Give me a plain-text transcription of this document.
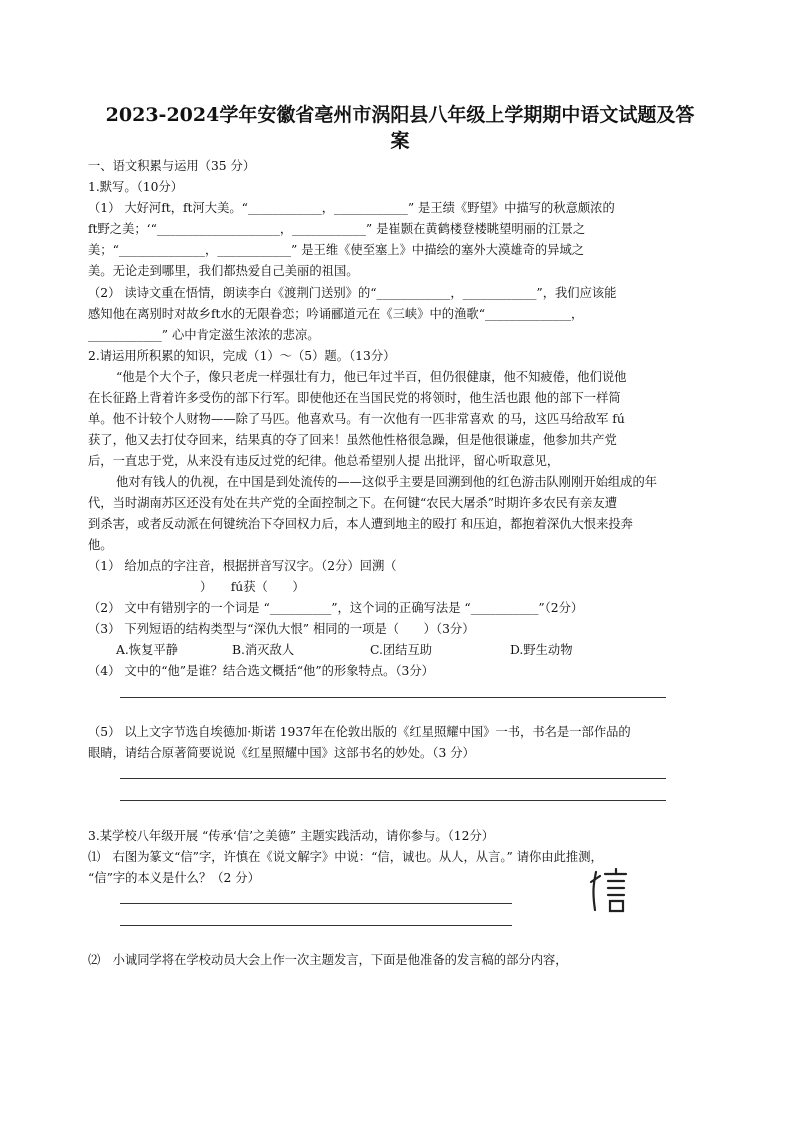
2023-2024学年安徽省亳州市涡阳县八年级上学期期中语文试题及答
案
一、语文积累与运用（35 分）
1.默写。（10分）
（1） 大好河ft，ft河大美。“____________，____________” 是王绩《野望》中描写的秋意颇浓的
ft野之美；‘“____________________，____________” 是崔颢在黄鹤楼登楼眺望明丽的江景之
美；“______________，____________” 是王维《使至塞上》中描绘的塞外大漠雄奇的异域之
美。无论走到哪里，我们都热爱自己美丽的祖国。
（2） 读诗文重在悟情，朗读李白《渡荆门送别》的“____________，____________”，我们应该能
感知他在离别时对故乡ft水的无限眷恋；吟诵郦道元在《三峡》中的渔歌“______________，
____________” 心中肯定滋生浓浓的悲凉。
2.请运用所积累的知识，完成（1）～（5）题。（13分）
“他是个大个子，像只老虎一样强壮有力，他已年过半百，但仍很健康，他不知疲倦，他们说他
在长征路上背着许多受伤的部下行军。即使他还在当国民党的将领时，他生活也跟 他的部下一样简
单。他不计较个人财物——除了马匹。他喜欢马。有一次他有一匹非常喜欢 的马，这匹马给敌军 fú
获了，他又去打仗夺回来，结果真的夺了回来！虽然他性格很急躁，但是他很谦虚，他参加共产党
后，一直忠于党，从来没有违反过党的纪律。他总希望别人提 出批评，留心听取意见，
他对有钱人的仇视，在中国是到处流传的——这似乎主要是回溯到他的红色游击队刚刚开始组成的年
代，当时湖南苏区还没有处在共产党的全面控制之下。在何键“农民大屠杀”时期许多农民有亲友遭
到杀害，或者反动派在何键统治下夺回权力后，本人遭到地主的殴打 和压迫，都抱着深仇大恨来投奔
他。
（1） 给加点的字注音，根据拼音写汉字。（2分）回溯（
）　　fú获（　　）
（2） 文中有错别字的一个词是 “__________”，这个词的正确写法是 “___________”（2分）
（3） 下列短语的结构类型与“深仇大恨” 相同的一项是（　　）（3分）
A.恢复平静	B.消灭敌人	C.团结互助	D.野生动物
（4） 文中的“他”是谁？结合选文概括“他”的形象特点。（3分）
（5） 以上文字节选自埃德加·斯诺 1937年在伦敦出版的《红星照耀中国》一书，书名是一部作品的
眼睛，请结合原著简要说说《红星照耀中国》这部书名的妙处。（3 分）
3.某学校八年级开展 “传承‘信’之美德” 主题实践活动，请你参与。（12分）
⑴　右图为篆文“信”字，许慎在《说文解字》中说：“信，诚也。从人，从言。” 请你由此推测，
“信”字的本义是什么？（2 分）
⑵　小诚同学将在学校动员大会上作一次主题发言，下面是他准备的发言稿的部分内容，
